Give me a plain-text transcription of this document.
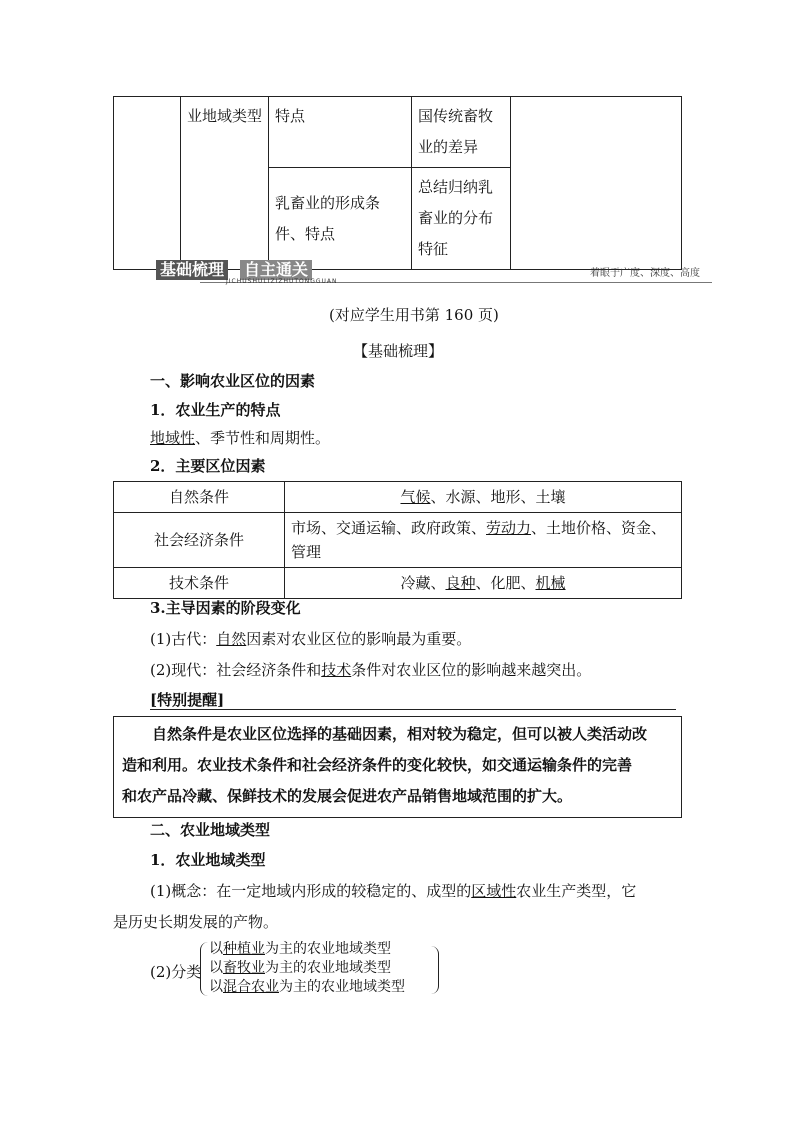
	业地域类型	特点	国传统畜牧业的差异	
		乳畜业的形成条件、特点	总结归纳乳畜业的分布特征	
基础梳理 自主通关
JICHUSHULIZIZHUTONGGUAN
着眼于广度、深度、高度
(对应学生用书第 160 页)
【基础梳理】
一、影响农业区位的因素
1．农业生产的特点
地域性、季节性和周期性。
2．主要区位因素
自然条件	气候、水源、地形、土壤
社会经济条件	市场、交通运输、政府政策、劳动力、土地价格、资金、
管理
技术条件	冷藏、良种、化肥、机械
3.主导因素的阶段变化
(1)古代：自然因素对农业区位的影响最为重要。
(2)现代：社会经济条件和技术条件对农业区位的影响越来越突出。
[特别提醒]

自然条件是农业区位选择的基础因素，相对较为稳定，但可以被人类活动改

造和利用。农业技术条件和社会经济条件的变化较快，如交通运输条件的完善

和农产品冷藏、保鲜技术的发展会促进农产品销售地域范围的扩大。

二、农业地域类型
1．农业地域类型
(1)概念：在一定地域内形成的较稳定的、成型的区域性农业生产类型，它
是历史长期发展的产物。
(2)分类
以种植业为主的农业地域类型
以畜牧业为主的农业地域类型
以混合农业为主的农业地域类型
